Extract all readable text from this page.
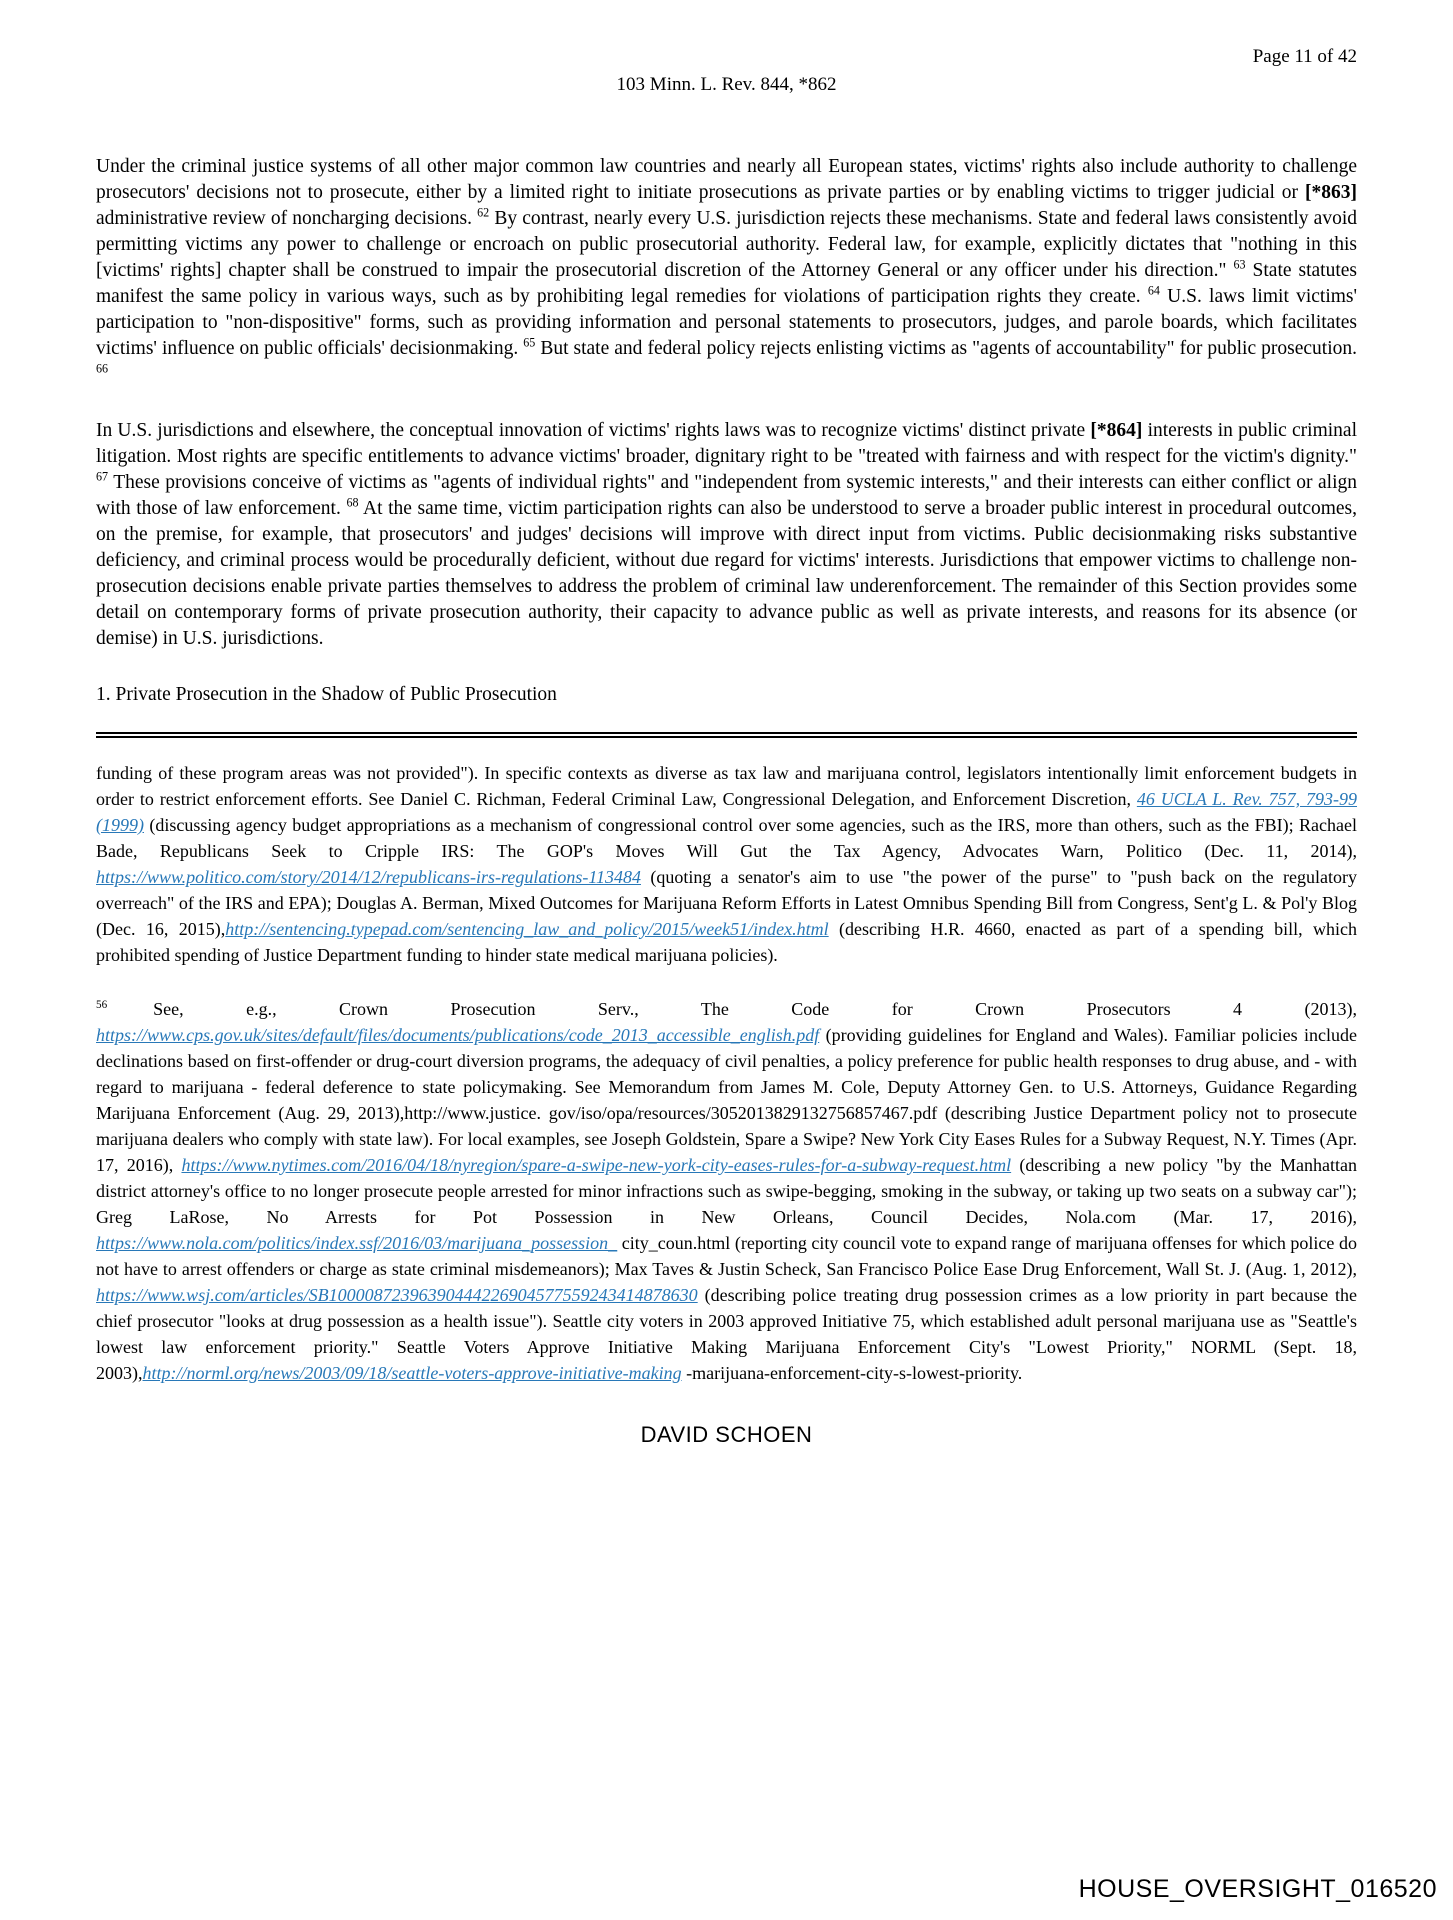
Page 11 of 42
103 Minn. L. Rev. 844, *862
Under the criminal justice systems of all other major common law countries and nearly all European states, victims' rights also include authority to challenge prosecutors' decisions not to prosecute, either by a limited right to initiate prosecutions as private parties or by enabling victims to trigger judicial or [*863] administrative review of noncharging decisions. $^{62}$ By contrast, nearly every U.S. jurisdiction rejects these mechanisms. State and federal laws consistently avoid permitting victims any power to challenge or encroach on public prosecutorial authority. Federal law, for example, explicitly dictates that "nothing in this [victims' rights] chapter shall be construed to impair the prosecutorial discretion of the Attorney General or any officer under his direction." $^{63}$ State statutes manifest the same policy in various ways, such as by prohibiting legal remedies for violations of participation rights they create. $^{64}$ U.S. laws limit victims' participation to "non-dispositive" forms, such as providing information and personal statements to prosecutors, judges, and parole boards, which facilitates victims' influence on public officials' decisionmaking. $^{65}$ But state and federal policy rejects enlisting victims as "agents of accountability" for public prosecution. $^{66}$
In U.S. jurisdictions and elsewhere, the conceptual innovation of victims' rights laws was to recognize victims' distinct private [*864] interests in public criminal litigation. Most rights are specific entitlements to advance victims' broader, dignitary right to be "treated with fairness and with respect for the victim's dignity." $^{67}$ These provisions conceive of victims as "agents of individual rights" and "independent from systemic interests," and their interests can either conflict or align with those of law enforcement. $^{68}$ At the same time, victim participation rights can also be understood to serve a broader public interest in procedural outcomes, on the premise, for example, that prosecutors' and judges' decisions will improve with direct input from victims. Public decisionmaking risks substantive deficiency, and criminal process would be procedurally deficient, without due regard for victims' interests. Jurisdictions that empower victims to challenge non-prosecution decisions enable private parties themselves to address the problem of criminal law underenforcement. The remainder of this Section provides some detail on contemporary forms of private prosecution authority, their capacity to advance public as well as private interests, and reasons for its absence (or demise) in U.S. jurisdictions.
1. Private Prosecution in the Shadow of Public Prosecution
funding of these program areas was not provided"). In specific contexts as diverse as tax law and marijuana control, legislators intentionally limit enforcement budgets in order to restrict enforcement efforts. See Daniel C. Richman, Federal Criminal Law, Congressional Delegation, and Enforcement Discretion, 46 UCLA L. Rev. 757, 793-99 (1999) (discussing agency budget appropriations as a mechanism of congressional control over some agencies, such as the IRS, more than others, such as the FBI); Rachael Bade, Republicans Seek to Cripple IRS: The GOP's Moves Will Gut the Tax Agency, Advocates Warn, Politico (Dec. 11, 2014), https://www.politico.com/story/2014/12/republicans-irs-regulations-113484 (quoting a senator's aim to use "the power of the purse" to "push back on the regulatory overreach" of the IRS and EPA); Douglas A. Berman, Mixed Outcomes for Marijuana Reform Efforts in Latest Omnibus Spending Bill from Congress, Sent'g L. & Pol'y Blog (Dec. 16, 2015),http://sentencing.typepad.com/sentencing_law_and_policy/2015/week51/index.html (describing H.R. 4660, enacted as part of a spending bill, which prohibited spending of Justice Department funding to hinder state medical marijuana policies).
$^{56}$	See, e.g., Crown Prosecution Serv., The Code for Crown Prosecutors 4 (2013), https://www.cps.gov.uk/sites/default/files/documents/publications/code_2013_accessible_english.pdf (providing guidelines for England and Wales). Familiar policies include declinations based on first-offender or drug-court diversion programs, the adequacy of civil penalties, a policy preference for public health responses to drug abuse, and - with regard to marijuana - federal deference to state policymaking. See Memorandum from James M. Cole, Deputy Attorney Gen. to U.S. Attorneys, Guidance Regarding Marijuana Enforcement (Aug. 29, 2013),http://www.justice. gov/iso/opa/resources/3052013829132756857467.pdf (describing Justice Department policy not to prosecute marijuana dealers who comply with state law). For local examples, see Joseph Goldstein, Spare a Swipe? New York City Eases Rules for a Subway Request, N.Y. Times (Apr. 17, 2016), https://www.nytimes.com/2016/04/18/nyregion/spare-a-swipe-new-york-city-eases-rules-for-a-subway-request.html (describing a new policy "by the Manhattan district attorney's office to no longer prosecute people arrested for minor infractions such as swipe-begging, smoking in the subway, or taking up two seats on a subway car"); Greg LaRose, No Arrests for Pot Possession in New Orleans, Council Decides, Nola.com (Mar. 17, 2016), https://www.nola.com/politics/index.ssf/2016/03/marijuana_possession_ city_coun.html (reporting city council vote to expand range of marijuana offenses for which police do not have to arrest offenders or charge as state criminal misdemeanors); Max Taves & Justin Scheck, San Francisco Police Ease Drug Enforcement, Wall St. J. (Aug. 1, 2012), https://www.wsj.com/articles/SB10000872396390444226904577559243414878630 (describing police treating drug possession crimes as a low priority in part because the chief prosecutor "looks at drug possession as a health issue"). Seattle city voters in 2003 approved Initiative 75, which established adult personal marijuana use as "Seattle's lowest law enforcement priority." Seattle Voters Approve Initiative Making Marijuana Enforcement City's "Lowest Priority," NORML (Sept. 18, 2003),http://norml.org/news/2003/09/18/seattle-voters-approve-initiative-making -marijuana-enforcement-city-s-lowest-priority.
DAVID SCHOEN
HOUSE_OVERSIGHT_016520
